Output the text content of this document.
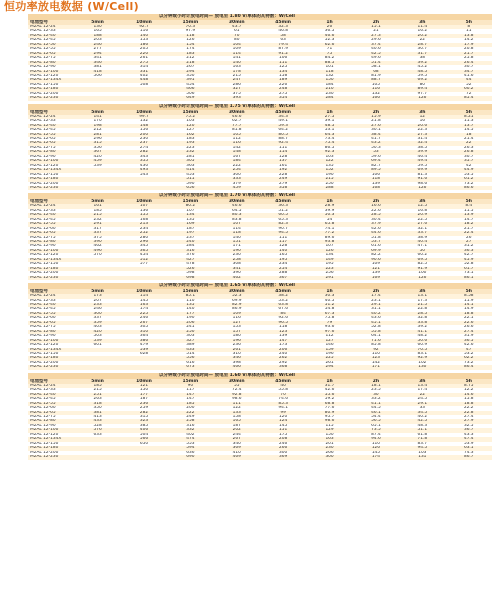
恒功率放电数据 (W/Cell)
以分钟或小时计放电时间— 放电至 1.80 V/单体的瓦特数：W/Cell									
电池型号	5min	10min	15min	30min	45min	1h	2h	3h	5h
M2AL 12-24	130	92.7	70.3	43.7	32.3	26	15.1	11.4	8
M2AL 12-33	165	116	97.9	61	46.8	36.5	21	16.2	11
M2AL 12-40	188	140	118	70	58	46.6	27.3	20.2	13.8
M2AL 12-45	203	153	126	80	63	52.3	29.6	22	14.2
M2AL 12-50	246	186	154	104	79.4	62.6	37.4	28.7	17.9
M2AL 12-55	277	205	174	109	87.9	71	40.6	30.7	20.8
M2AL 12-65	294	220	183	114	91.2	75	42.5	31.7	21.7
M2AL 12-75	341	261	212	141	106	84.2	49.6	38	25.8
M2AL 12-80	346	275	218	140	111	88.5	51.4	39.2	26.4
M2AL 12-90	381	314	267	163	125	101	58.1	45.2	30.7
M2AL 12-100	418	331	294	178	134	118	68	48.5	34.7
M2AL 12-120	506	402	350	215	158	132	81.9	59.5	41.6
M2AL 12-134X		448	391	247	189	150	88.7	69.2	44
M2AL 12-150		508	454	286	226	184	105	80	52
M2AL 12-180			466	327	248	210	116	89.4	60.2
M2AL 12-200			506	375	275	230	132	97.7	72
M2AL 12-230			649	393	354	284	166	126	85.4
以分钟或小时计放电时间— 放电至 1.75 V/单体的瓦特数：W/Cell									
电池型号	5min	10min	15min	30min	45min	1h	2h	3h	5h
M2AL 12-24	141	99.7	75.2	46.6	34.3	27.5	15.9	12	8.21
M2AL 12-33	170	132	103	62.7	49.1	39.1	21.8	16	11.3
M2AL 12-40	198	148	120	77.7	59.3	48.5	27.6	20.6	13.7
M2AL 12-45	212	156	127	81.8	64.2	53.1	30.1	22.3	14.5
M2AL 12-55	281	200	162	105	80.5	64.3	38.4	27.3	18
M2AL 12-65	296	230	183	112	88.7	73.4	41.7	31.4	21.4
M2AL 12-65	315	237	193	116	92.4	75.4	43.2	32.4	22
M2AL 12-75	356	274	223	142	111	86.5	50.3	38.5	26.3
M2AL 12-80	367	282	232	148	114	92.3	53	39.9	26.8
M2AL 12-90	420	343	281	167	128	103	59.6	46.4	30.7
M2AL 12-100	459	355	305	184	137	122	69.4	49.4	35.7
M2AL 12-120	539	430	363	222	161	135	82.7	59.5	42
M2AL 12-134X		493	414	254	192	152	89.5	69.9	44.9
M2AL 12-150		543	453	300	228	190	106	81.3	53.5
M2AL 12-180			511	333	249	215	118	91.6	61.2
M2AL 12-200			590	379	279	250	139	98.6	73.2
M2AL 12-230			656	459	358	288	168	126	86.6
以分钟或小时计放电时间— 放电至 1.70 V/单体的瓦特数：W/Cell									
电池型号	5min	10min	15min	30min	45min	1h	2h	3h	5h
M2AL 12-24	161	107	80.2	46.6	36.3	28.9	16.6	12.5	8.4
M2AL 12-33	185	136	107	64.5	51.2	39.9	22.6	16.8	11.5
M2AL 12-40	215	155	134	80.3	60.5	50.3	28.5	20.9	13.9
M2AL 12-45	232	168	135	83.8	65.3	54	30.4	22.5	14.7
M2AL 12-55	291	213	169	107	82.3	65.8	37.9	27.6	18.2
M2AL 12-60	317	234	187	114	90.7	74.1	42.6	32.1	21.7
M2AL 12-65	337	252	197	118	94.5	77.2	44.6	33.7	22.4
M2AL 12-75	375	280	237	140	111	89.6	51.8	38.9	26
M2AL 12-80	390	296	240	151	117	93.8	53.7	40.4	27
M2AL 12-90	462	345	284	171	128	107	61.6	47.1	31.2
M2AL 12-100	496	365	316	190	140	126	69.9	50	36.3
M2AL 12-120	570	454	376	230	165	134	82.2	60.2	42.7
M2AL 12-134X		512	427	258	195	149	90.6	69.5	45.9
M2AL 12-150		577	478	308	234	195	109	82.5	52.8
M2AL 12-180			526	341	254	223	121	91.9	61.7
M2AL 12-200			598	390	288	256	139	100	73.1
M2AL 12-230			698	462	367	291	169	126	86.1
以分钟或小时计放电时间— 放电至 1.65 V/单体的瓦特数：W/Cell									
电池型号	5min	10min	15min	30min	45min	1h	2h	3h	5h
M2AL 12-24	173	114	85.1	52.3	38.2	30.3	17.4	13.1	8.58
M2AL 12-33	207	145	110	69.9	53.2	40.5	23.1	17.3	11.9
M2AL 12-40	233	163	135	82.9	63.8	51.2	29.1	21.5	14.1
M2AL 12-45	246	174	140	86.9	67.6	54.8	31.1	22.8	14.9
M2AL 12-55	300	225	177	109	84	67.3	40.2	28.5	18.8
M2AL 12-60	337	246	190	116	92.6	75.8	43.6	32.8	22.1
M2AL 12-65	359	267	206	127	96.5	79	45.1	33.8	22.6
M2AL 12-75	403	305	241	153	118	93.6	52.8	39.2	26.6
M2AL 12-80	420	310	250	157	123	97.6	55.8	41.1	27.4
M2AL 12-90	503	364	303	180	139	112	64.1	48.2	31.9
M2AL 12-100	539	386	327	196	147	127	71.6	50.6	36.5
M2AL 12-120	601	479	389	236	173	146	85.8	60.9	42.6
M2AL 12-134X		539	433	261	206	159	92	70.5	47
M2AL 12-150		628	514	310	240	196	110	83.1	53.2
M2AL 12-180			556	346	262	225	123	92.9	62.2
M2AL 12-200			616	398	292	261	142	102	73.2
M2AL 12-230			673	466	368	294	171	130	86.4
以分钟或小时计放电时间— 放电至 1.60 V/单体的瓦特数：W/Cell									
电池型号	5min	10min	15min	30min	45min	1h	2h	3h	5h
M2AL 12-24	185	121	90	55	40	31.7	18.1	13.4	8.75
M2AL 12-33	215	150	117	72.4	55.8	42.6	23.5	17.4	12.2
M2AL 12-40	251	177	147	92.8	70	55.6	30	22	14.6
M2AL 12-45	263	187	147	98.6	74.6	59.2	33.2	24.5	15.8
M2AL 12-55	318	236	185	111	85.3	68.8	41.1	29.1	18.8
M2AL 12-60	350	259	200	122	94.1	77.6	44.5	33	22.2
M2AL 12-65	381	282	222	133	99	80.9	46.1	34.5	22.8
M2AL 12-75	413	315	249	158	120	95.7	54.4	40.2	27.4
M2AL 12-80	433	323	258	165	124	98.6	56.5	42.5	27.9
M2AL 12-90	528	385	316	187	145	115	65.1	48.3	32.5
M2AL 12-100	576	406	332	202	151	129	73.5	51.1	36.7
M2AL 12-120	633	504	402	244	175	150	87.4	61.8	43.3
M2AL 12-134X		566	474	267	208	163	94.6	71.8	47.4
M2AL 12-150		650	553	340	246	201	110	83.7	53.9
M2AL 12-180			594	369	266	230	126	94.5	63.1
M2AL 12-200			636	410	300	266	145	103	74.3
M2AL 12-230			690	469	369	300	174	131	86.7
